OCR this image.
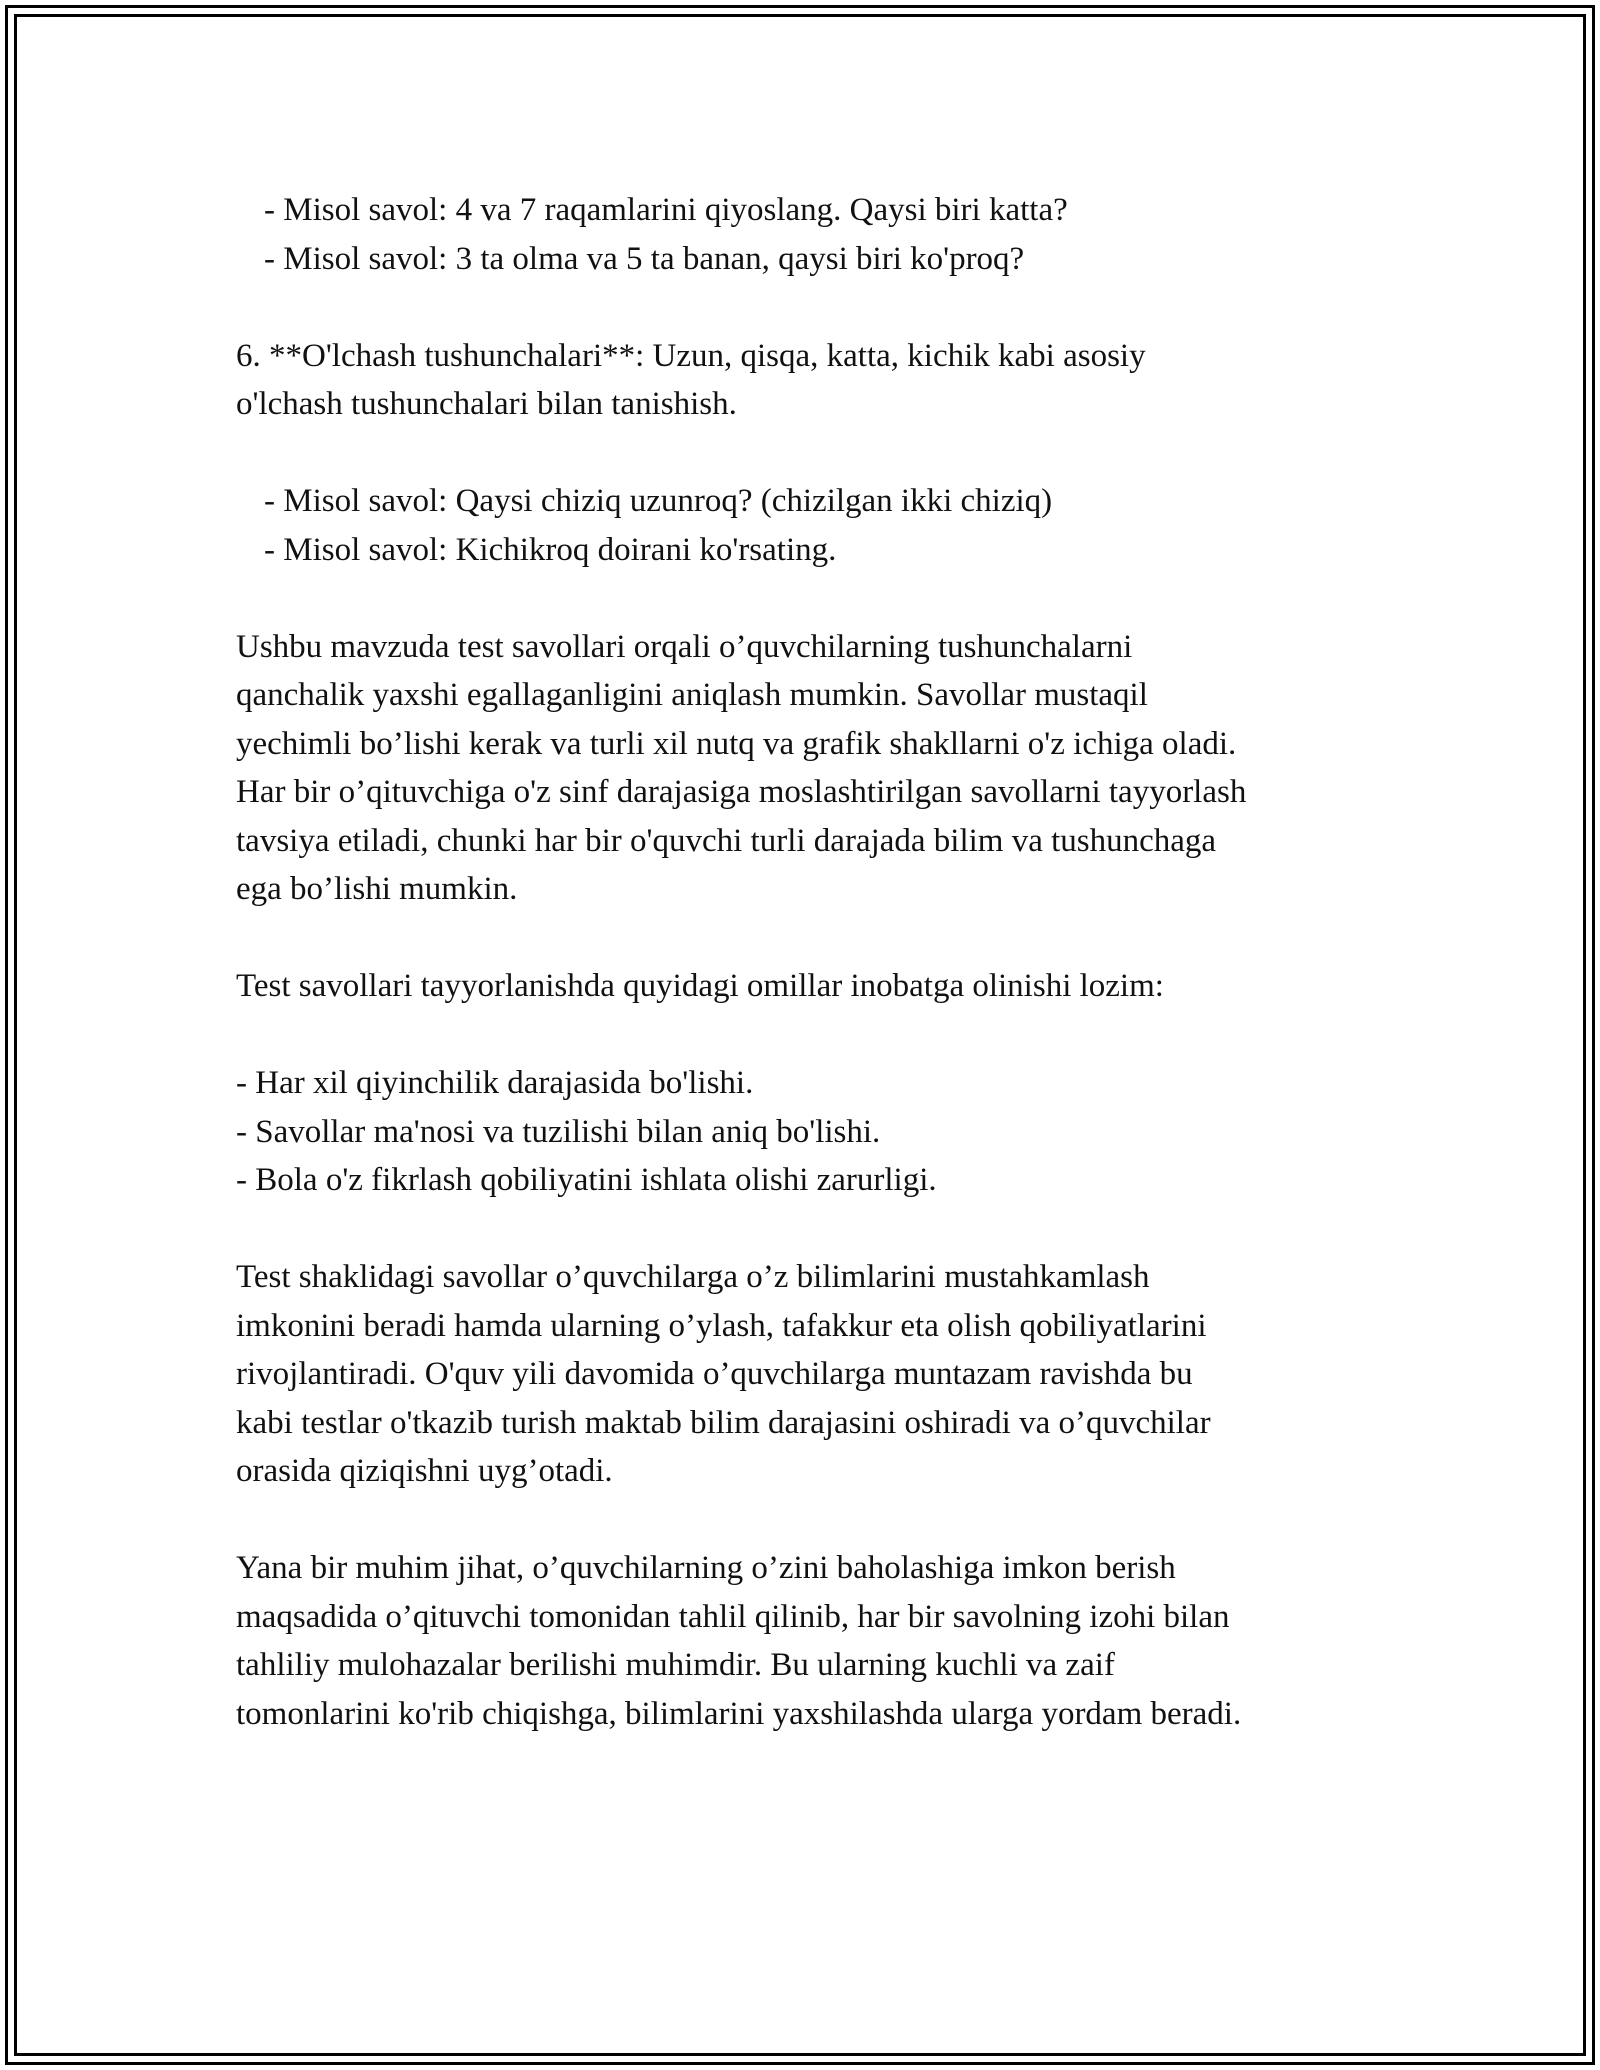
- Misol savol: 4 va 7 raqamlarini qiyoslang. Qaysi biri katta?
- Misol savol: 3 ta olma va 5 ta banan, qaysi biri ko'proq?
6. **O'lchash tushunchalari**: Uzun, qisqa, katta, kichik kabi asosiy
o'lchash tushunchalari bilan tanishish.
- Misol savol: Qaysi chiziq uzunroq? (chizilgan ikki chiziq)
- Misol savol: Kichikroq doirani ko'rsating.
Ushbu mavzuda test savollari orqali o’quvchilarning tushunchalarni
qanchalik yaxshi egallaganligini aniqlash mumkin. Savollar mustaqil
yechimli bo’lishi kerak va turli xil nutq va grafik shakllarni o'z ichiga oladi.
Har bir o’qituvchiga o'z sinf darajasiga moslashtirilgan savollarni tayyorlash
tavsiya etiladi, chunki har bir o'quvchi turli darajada bilim va tushunchaga
ega bo’lishi mumkin.
Test savollari tayyorlanishda quyidagi omillar inobatga olinishi lozim:
- Har xil qiyinchilik darajasida bo'lishi.
- Savollar ma'nosi va tuzilishi bilan aniq bo'lishi.
- Bola o'z fikrlash qobiliyatini ishlata olishi zarurligi.
Test shaklidagi savollar o’quvchilarga o’z bilimlarini mustahkamlash
imkonini beradi hamda ularning o’ylash, tafakkur eta olish qobiliyatlarini
rivojlantiradi. O'quv yili davomida o’quvchilarga muntazam ravishda bu
kabi testlar o'tkazib turish maktab bilim darajasini oshiradi va o’quvchilar
orasida qiziqishni uyg’otadi.
Yana bir muhim jihat, o’quvchilarning o’zini baholashiga imkon berish
maqsadida o’qituvchi tomonidan tahlil qilinib, har bir savolning izohi bilan
tahliliy mulohazalar berilishi muhimdir. Bu ularning kuchli va zaif
tomonlarini ko'rib chiqishga, bilimlarini yaxshilashda ularga yordam beradi.
